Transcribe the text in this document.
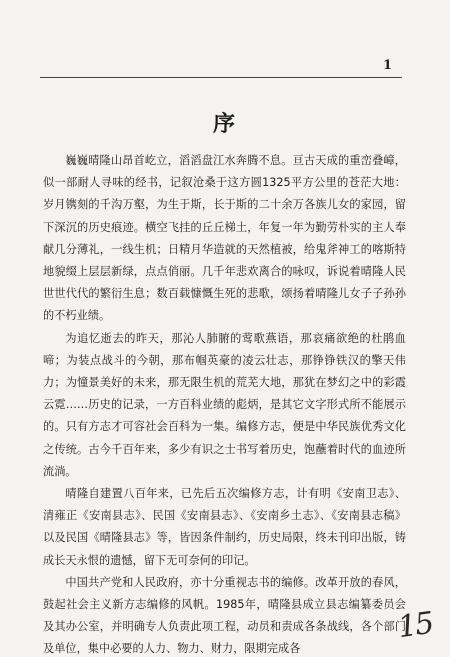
1
序

巍巍晴隆山昂首屹立，滔滔盘江水奔腾不息。亘古天成的重峦叠嶂，似一部耐人寻味的经书，记叙沧桑于这方圆1325平方公里的苍茫大地：岁月镌刻的千沟万壑，为生于斯，长于斯的二十余万各族儿女的家园，留下深沉的历史痕迹。横空飞挂的丘丘梯土，年复一年为勤劳朴实的主人奉献几分薄礼，一线生机；日精月华造就的天然植被，给鬼斧神工的喀斯特地貌缀上层层新绿，点点俏丽。几千年悲欢离合的咏叹，诉说着晴隆人民世世代代的繁衍生息；数百载慷慨生死的悲歌，颂扬着晴隆儿女子子孙孙的不朽业绩。

为追忆逝去的昨天，那沁人肺腑的莺歌燕语，那哀痛欲绝的杜鹃血啼；为装点战斗的今朝，那布帼英豪的凌云壮志，那铮铮铁汉的擎天伟力；为憧景美好的未来，那无限生机的荒芜大地，那犹在梦幻之中的彩霞云霓……历史的记录，一方百科业绩的彪炳，是其它文字形式所不能展示的。只有方志才可容社会百科为一集。编修方志，便是中华民族优秀文化之传统。古今千百年来，多少有识之士书写着历史，饱蘸着时代的血迹所流淌。

晴隆自建置八百年来，已先后五次编修方志，计有明《安南卫志》、清雍正《安南县志》、民国《安南县志》、《安南乡土志》、《安南县志稿》以及民国《晴隆县志》等，皆因条件制约，历史局限，终未刊印出版，铸成长天永恨的遗憾，留下无可奈何的印记。

中国共产党和人民政府，亦十分重视志书的编修。改革开放的春风，鼓起社会主义新方志编修的风帆。1985年，晴隆县成立县志编纂委员会及其办公室，并明确专人负责此项工程，动员和责成各条战线，各个部门及单位，集中必要的人力、物力、财力，限期完成各

15
